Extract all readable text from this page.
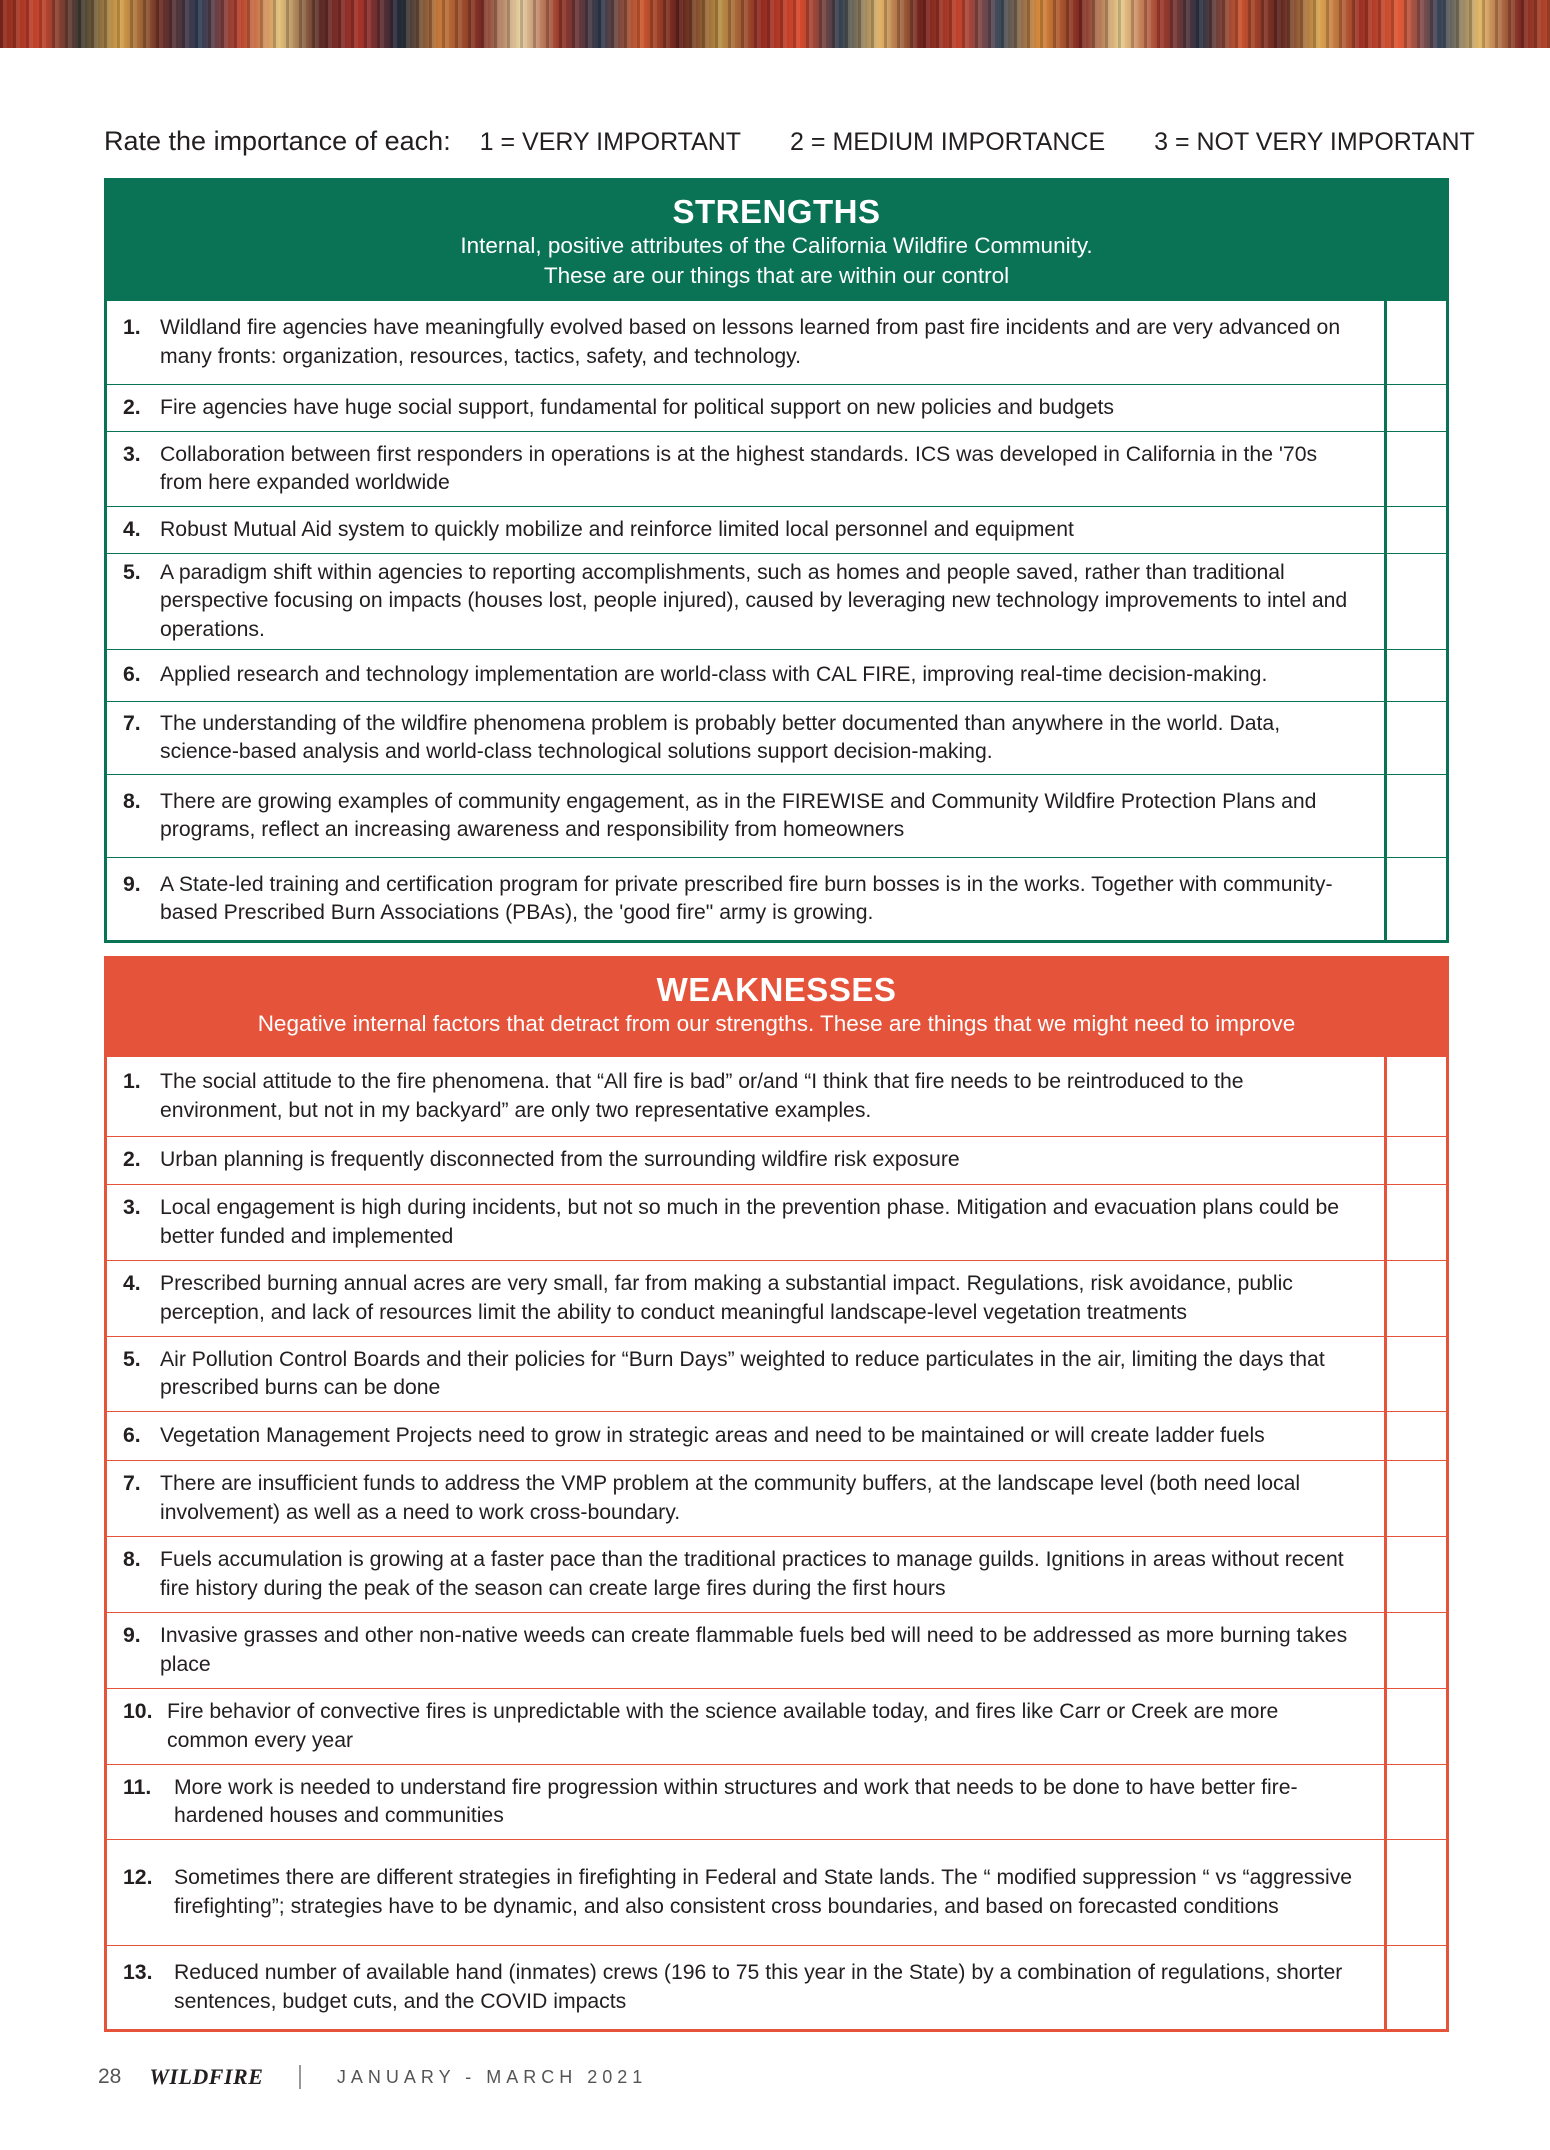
Rate the importance of each: 1 = VERY IMPORTANT 2 = MEDIUM IMPORTANCE 3 = NOT VERY IMPORTANT
STRENGTHS
Internal, positive attributes of the California Wildfire Community.
These are our things that are within our control
1. Wildland fire agencies have meaningfully evolved based on lessons learned from past fire incidents and are very advanced on many fronts: organization, resources, tactics, safety, and technology.
2. Fire agencies have huge social support, fundamental for political support on new policies and budgets
3. Collaboration between first responders in operations is at the highest standards. ICS was developed in California in the '70s from here expanded worldwide
4. Robust Mutual Aid system to quickly mobilize and reinforce limited local personnel and equipment
5. A paradigm shift within agencies to reporting accomplishments, such as homes and people saved, rather than traditional perspective focusing on impacts (houses lost, people injured), caused by leveraging new technology improvements to intel and operations.
6. Applied research and technology implementation are world-class with CAL FIRE, improving real-time decision-making.
7. The understanding of the wildfire phenomena problem is probably better documented than anywhere in the world. Data, science-based analysis and world-class technological solutions support decision-making.
8. There are growing examples of community engagement, as in the FIREWISE and Community Wildfire Protection Plans and programs, reflect an increasing awareness and responsibility from homeowners
9. A State-led training and certification program for private prescribed fire burn bosses is in the works. Together with community-based Prescribed Burn Associations (PBAs), the 'good fire" army is growing.
WEAKNESSES
Negative internal factors that detract from our strengths. These are things that we might need to improve
1. The social attitude to the fire phenomena. that “All fire is bad” or/and “I think that fire needs to be reintroduced to the environment, but not in my backyard” are only two representative examples.
2. Urban planning is frequently disconnected from the surrounding wildfire risk exposure
3. Local engagement is high during incidents, but not so much in the prevention phase. Mitigation and evacuation plans could be better funded and implemented
4. Prescribed burning annual acres are very small, far from making a substantial impact. Regulations, risk avoidance, public perception, and lack of resources limit the ability to conduct meaningful landscape-level vegetation treatments
5. Air Pollution Control Boards and their policies for “Burn Days” weighted to reduce particulates in the air, limiting the days that prescribed burns can be done
6. Vegetation Management Projects need to grow in strategic areas and need to be maintained or will create ladder fuels
7. There are insufficient funds to address the VMP problem at the community buffers, at the landscape level (both need local involvement) as well as a need to work cross-boundary.
8. Fuels accumulation is growing at a faster pace than the traditional practices to manage guilds. Ignitions in areas without recent fire history during the peak of the season can create large fires during the first hours
9. Invasive grasses and other non-native weeds can create flammable fuels bed will need to be addressed as more burning takes place
10. Fire behavior of convective fires is unpredictable with the science available today, and fires like Carr or Creek are more common every year
11.	More work is needed to understand fire progression within structures and work that needs to be done to have better fire-hardened houses and communities
12.	Sometimes there are different strategies in firefighting in Federal and State lands. The “ modified suppression “ vs “aggressive firefighting”; strategies have to be dynamic, and also consistent cross boundaries, and based on forecasted conditions
13.	Reduced number of available hand (inmates) crews (196 to 75 this year in the State) by a combination of regulations, shorter sentences, budget cuts, and the COVID impacts
28 WILDFIRE	JANUARY - MARCH 2021
